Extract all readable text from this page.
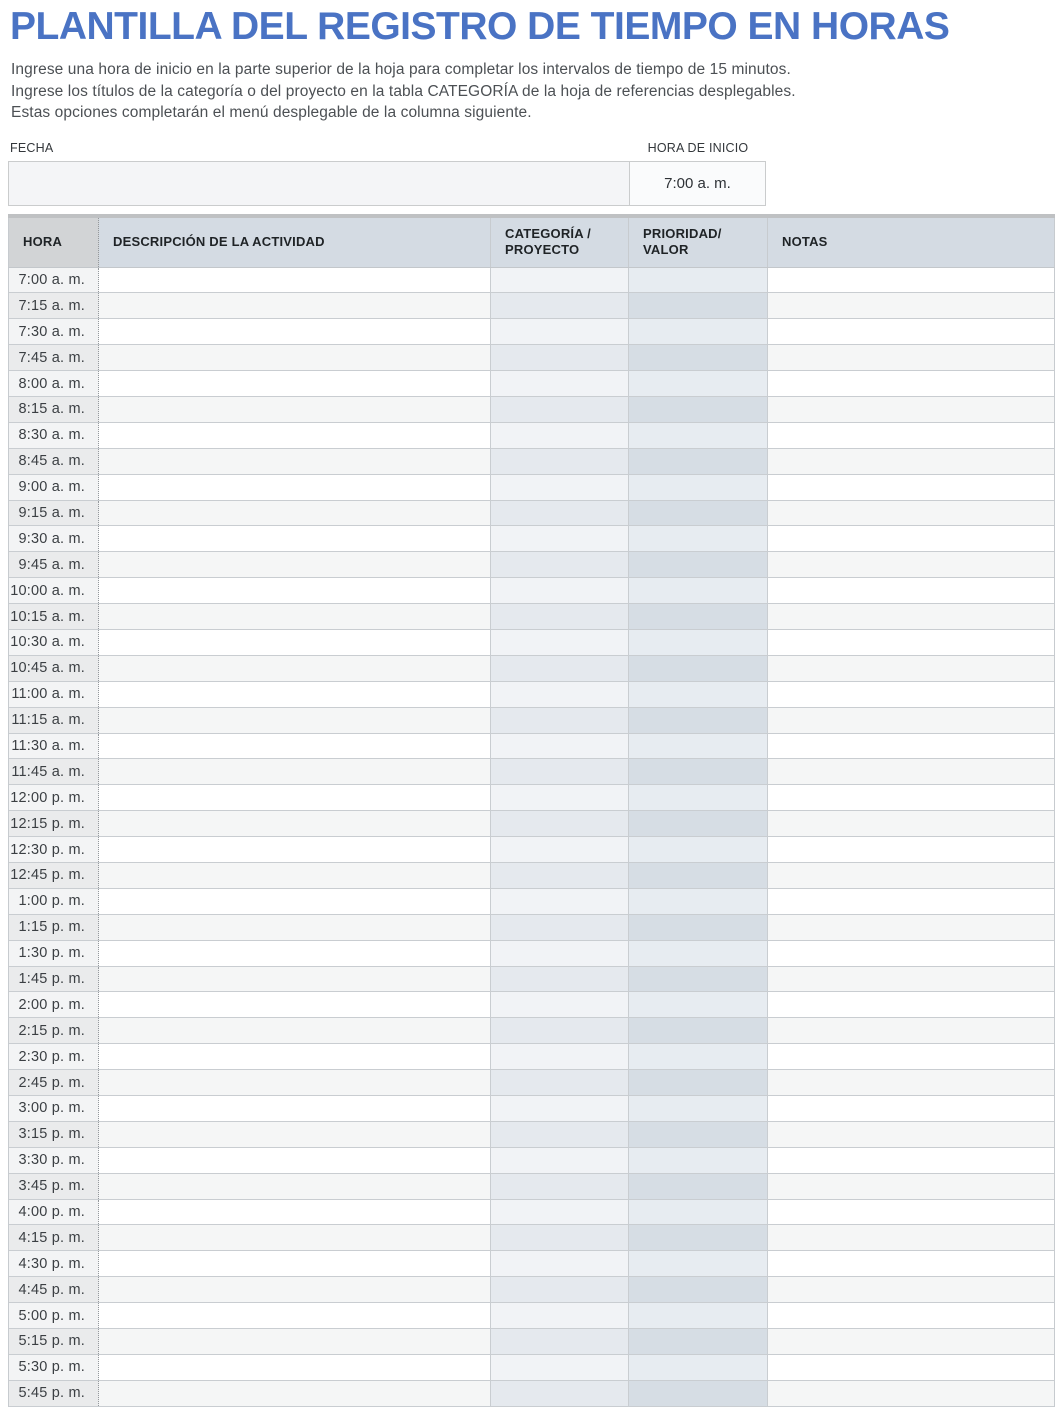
PLANTILLA DEL REGISTRO DE TIEMPO EN HORAS

Ingrese una hora de inicio en la parte superior de la hoja para completar los intervalos de tiempo de 15 minutos.

Ingrese los títulos de la categoría o del proyecto en la tabla CATEGORÍA de la hoja de referencias desplegables.

Estas opciones completarán el menú desplegable de la columna siguiente.

FECHA	HORA DE INICIO
7:00 a. m.
HORA	DESCRIPCIÓN DE LA ACTIVIDAD
CATEGORÍA / PROYECTO
PRIORIDAD/ VALOR
NOTAS
7:00 a. m.
7:15 a. m.
7:30 a. m.
7:45 a. m.
8:00 a. m.
8:15 a. m.
8:30 a. m.
8:45 a. m.
9:00 a. m.
9:15 a. m.
9:30 a. m.
9:45 a. m.
10:00 a. m.
10:15 a. m.
10:30 a. m.
10:45 a. m.
11:00 a. m.
11:15 a. m.
11:30 a. m.
11:45 a. m.
12:00 p. m.
12:15 p. m.
12:30 p. m.
12:45 p. m.
1:00 p. m.
1:15 p. m.
1:30 p. m.
1:45 p. m.
2:00 p. m.
2:15 p. m.
2:30 p. m.
2:45 p. m.
3:00 p. m.
3:15 p. m.
3:30 p. m.
3:45 p. m.
4:00 p. m.
4:15 p. m.
4:30 p. m.
4:45 p. m.
5:00 p. m.
5:15 p. m.
5:30 p. m.
5:45 p. m.
